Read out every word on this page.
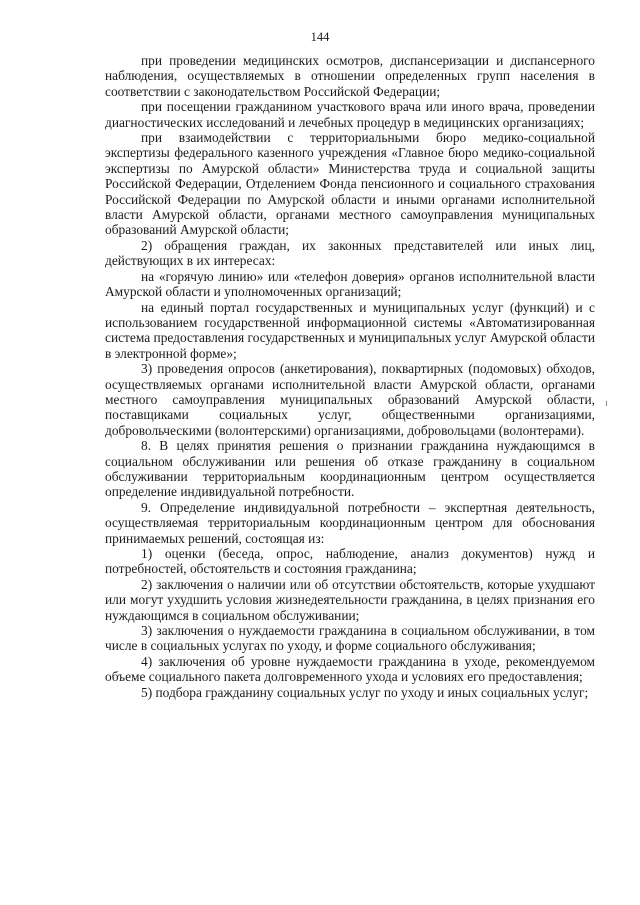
144

при проведении медицинских осмотров, диспансеризации и диспансерного наблюдения, осуществляемых в отношении определенных групп населения в соответствии с законодательством Российской Федерации;

при посещении гражданином участкового врача или иного врача, проведении диагностических исследований и лечебных процедур в медицинских организациях;

при взаимодействии с территориальными бюро медико-социальной экспертизы федерального казенного учреждения «Главное бюро медико-социальной экспертизы по Амурской области» Министерства труда и социальной защиты Российской Федерации, Отделением Фонда пенсионного и социального страхования Российской Федерации по Амурской области и иными органами исполнительной власти Амурской области, органами местного самоуправления муниципальных образований Амурской области;

2) обращения граждан, их законных представителей или иных лиц, действующих в их интересах:

на «горячую линию» или «телефон доверия» органов исполнительной власти Амурской области и уполномоченных организаций;

на единый портал государственных и муниципальных услуг (функций) и с использованием государственной информационной системы «Автоматизированная система предоставления государственных и муниципальных услуг Амурской области в электронной форме»;

3) проведения опросов (анкетирования), поквартирных (подомовых) обходов, осуществляемых органами исполнительной власти Амурской области, органами местного самоуправления муниципальных образований Амурской области, поставщиками социальных услуг, общественными организациями, добровольческими (волонтерскими) организациями, добровольцами (волонтерами).

8. В целях принятия решения о признании гражданина нуждающимся в социальном обслуживании или решения об отказе гражданину в социальном обслуживании территориальным координационным центром осуществляется определение индивидуальной потребности.

9. Определение индивидуальной потребности – экспертная деятельность, осуществляемая территориальным координационным центром для обоснования принимаемых решений, состоящая из:

1) оценки (беседа, опрос, наблюдение, анализ документов) нужд и потребностей, обстоятельств и состояния гражданина;

2) заключения о наличии или об отсутствии обстоятельств, которые ухудшают или могут ухудшить условия жизнедеятельности гражданина, в целях признания его нуждающимся в социальном обслуживании;

3) заключения о нуждаемости гражданина в социальном обслуживании, в том числе в социальных услугах по уходу, и форме социального обслуживания;

4) заключения об уровне нуждаемости гражданина в уходе, рекомендуемом объеме социального пакета долговременного ухода и условиях его предоставления;

5) подбора гражданину социальных услуг по уходу и иных социальных услуг;
